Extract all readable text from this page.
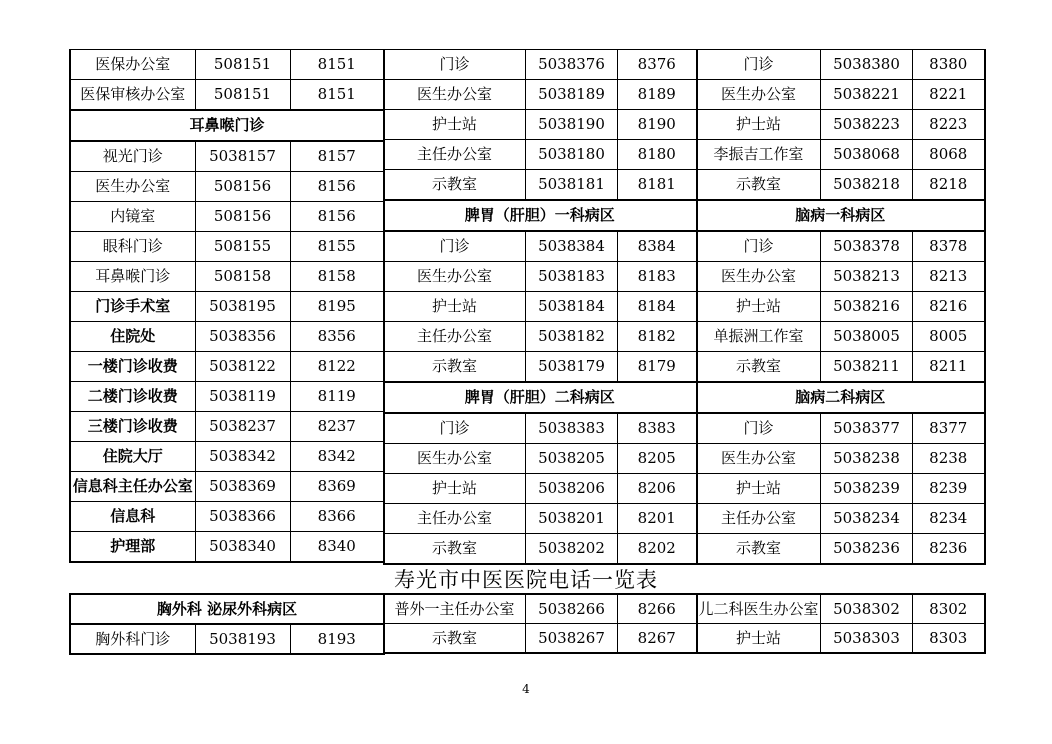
医保办公室	508151	8151
医保审核办公室	508151	8151
耳鼻喉门诊		
视光门诊	5038157	8157
医生办公室	508156	8156
内镜室	508156	8156
眼科门诊	508155	8155
耳鼻喉门诊	508158	8158
门诊手术室	5038195	8195
住院处	5038356	8356
一楼门诊收费	5038122	8122
二楼门诊收费	5038119	8119
三楼门诊收费	5038237	8237
住院大厅	5038342	8342
信息科主任办公室	5038369	8369
信息科	5038366	8366
护理部	5038340	8340
门诊	5038376	8376
医生办公室	5038189	8189
护士站	5038190	8190
主任办公室	5038180	8180
示教室	5038181	8181
脾胃（肝胆）一科病区		
门诊	5038384	8384
医生办公室	5038183	8183
护士站	5038184	8184
主任办公室	5038182	8182
示教室	5038179	8179
脾胃（肝胆）二科病区		
门诊	5038383	8383
医生办公室	5038205	8205
护士站	5038206	8206
主任办公室	5038201	8201
示教室	5038202	8202
门诊	5038380	8380
医生办公室	5038221	8221
护士站	5038223	8223
李振吉工作室	5038068	8068
示教室	5038218	8218
脑病一科病区		
门诊	5038378	8378
医生办公室	5038213	8213
护士站	5038216	8216
单振洲工作室	5038005	8005
示教室	5038211	8211
脑病二科病区		
门诊	5038377	8377
医生办公室	5038238	8238
护士站	5038239	8239
主任办公室	5038234	8234
示教室	5038236	8236
寿光市中医医院电话一览表
胸外科 泌尿外科病区
胸外科门诊	5038193	8193
普外一主任办公室	5038266	8266
示教室	5038267	8267
儿二科医生办公室	5038302	8302
护士站	5038303	8303
4
